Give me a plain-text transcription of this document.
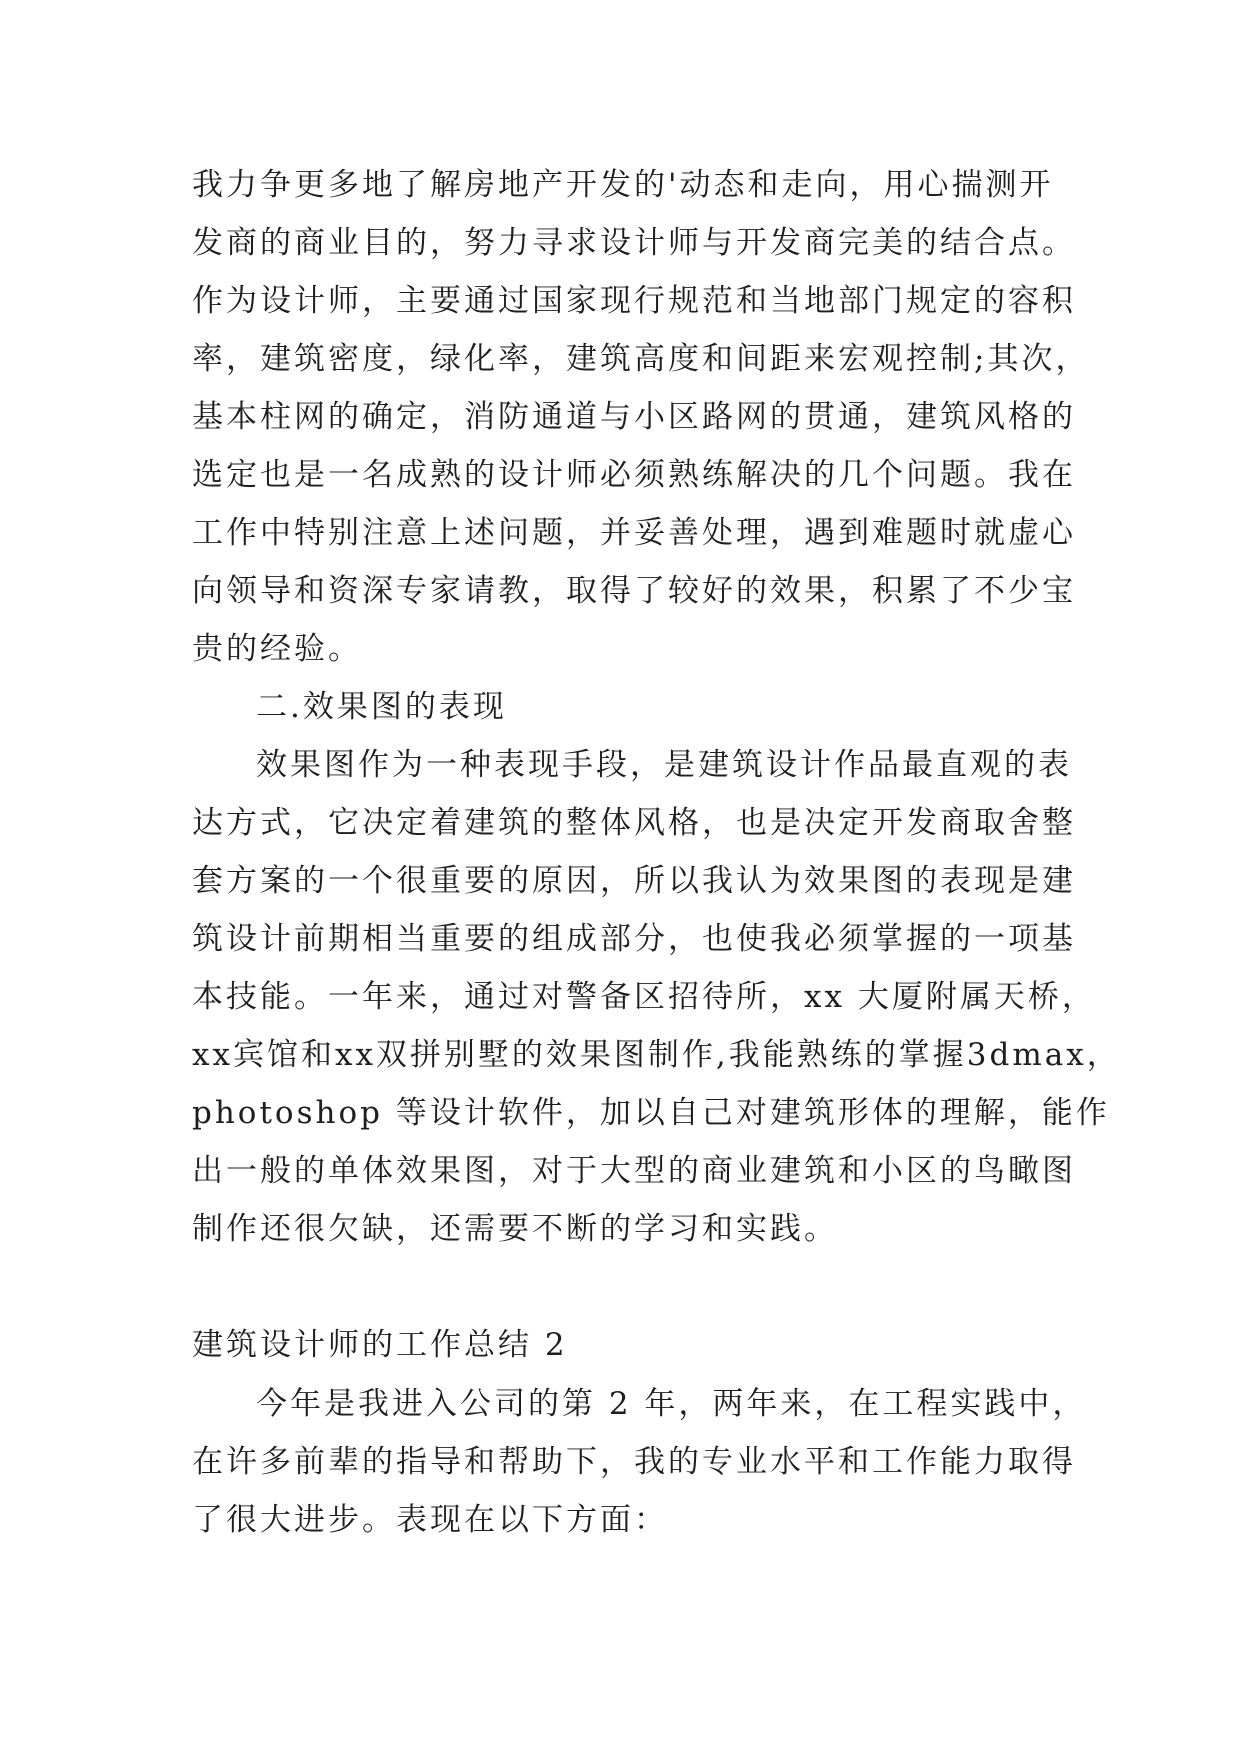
我力争更多地了解房地产开发的'动态和走向，用心揣测开
发商的商业目的，努力寻求设计师与开发商完美的结合点。
作为设计师，主要通过国家现行规范和当地部门规定的容积
率，建筑密度，绿化率，建筑高度和间距来宏观控制;其次，
基本柱网的确定，消防通道与小区路网的贯通，建筑风格的
选定也是一名成熟的设计师必须熟练解决的几个问题。我在
工作中特别注意上述问题，并妥善处理，遇到难题时就虚心
向领导和资深专家请教，取得了较好的效果，积累了不少宝
贵的经验。
二.效果图的表现
效果图作为一种表现手段，是建筑设计作品最直观的表
达方式，它决定着建筑的整体风格，也是决定开发商取舍整
套方案的一个很重要的原因，所以我认为效果图的表现是建
筑设计前期相当重要的组成部分，也使我必须掌握的一项基
本技能。一年来，通过对警备区招待所，xx 大厦附属天桥，
xx宾馆和xx双拼别墅的效果图制作,我能熟练的掌握3dmax，
photoshop 等设计软件，加以自己对建筑形体的理解，能作
出一般的单体效果图，对于大型的商业建筑和小区的鸟瞰图
制作还很欠缺，还需要不断的学习和实践。
建筑设计师的工作总结 2
今年是我进入公司的第 2 年，两年来，在工程实践中，
在许多前辈的指导和帮助下，我的专业水平和工作能力取得
了很大进步。表现在以下方面：
